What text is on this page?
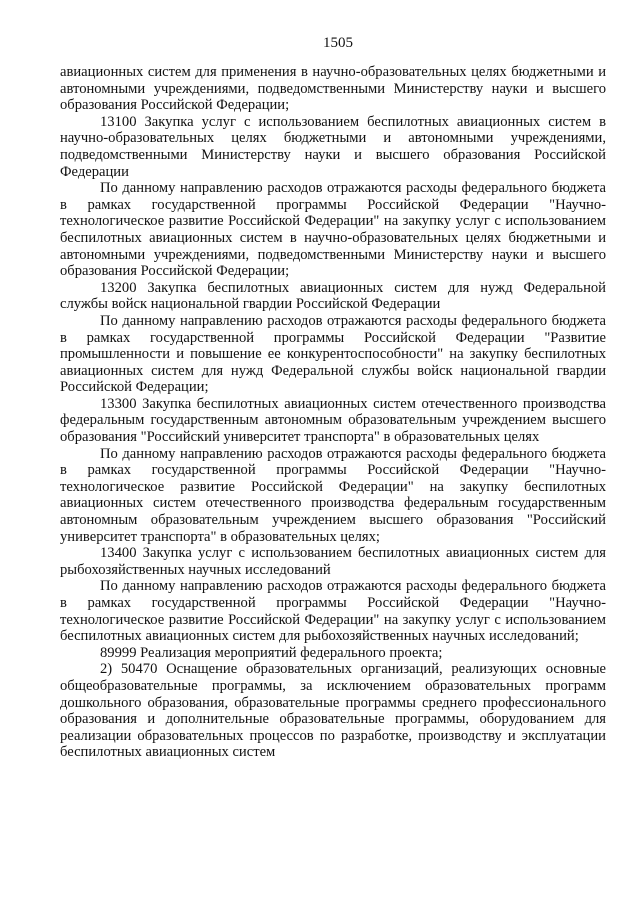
1505

авиационных систем для применения в научно-образовательных целях бюджетными и автономными учреждениями, подведомственными Министерству науки и высшего образования Российской Федерации;

13100 Закупка услуг с использованием беспилотных авиационных систем в научно-образовательных целях бюджетными и автономными учреждениями, подведомственными Министерству науки и высшего образования Российской Федерации

По данному направлению расходов отражаются расходы федерального бюджета в рамках государственной программы Российской Федерации "Научно-технологическое развитие Российской Федерации" на закупку услуг с использованием беспилотных авиационных систем в научно-образовательных целях бюджетными и автономными учреждениями, подведомственными Министерству науки и высшего образования Российской Федерации;

13200 Закупка беспилотных авиационных систем для нужд Федеральной службы войск национальной гвардии Российской Федерации

По данному направлению расходов отражаются расходы федерального бюджета в рамках государственной программы Российской Федерации "Развитие промышленности и повышение ее конкурентоспособности" на закупку беспилотных авиационных систем для нужд Федеральной службы войск национальной гвардии Российской Федерации;

13300 Закупка беспилотных авиационных систем отечественного производства федеральным государственным автономным образовательным учреждением высшего образования "Российский университет транспорта" в образовательных целях

По данному направлению расходов отражаются расходы федерального бюджета в рамках государственной программы Российской Федерации "Научно-технологическое развитие Российской Федерации" на закупку беспилотных авиационных систем отечественного производства федеральным государственным автономным образовательным учреждением высшего образования "Российский университет транспорта" в образовательных целях;

13400 Закупка услуг с использованием беспилотных авиационных систем для рыбохозяйственных научных исследований

По данному направлению расходов отражаются расходы федерального бюджета в рамках государственной программы Российской Федерации "Научно-технологическое развитие Российской Федерации" на закупку услуг с использованием беспилотных авиационных систем для рыбохозяйственных научных исследований;

89999 Реализация мероприятий федерального проекта;

2) 50470 Оснащение образовательных организаций, реализующих основные общеобразовательные программы, за исключением образовательных программ дошкольного образования, образовательные программы среднего профессионального образования и дополнительные образовательные программы, оборудованием для реализации образовательных процессов по разработке, производству и эксплуатации беспилотных авиационных систем
